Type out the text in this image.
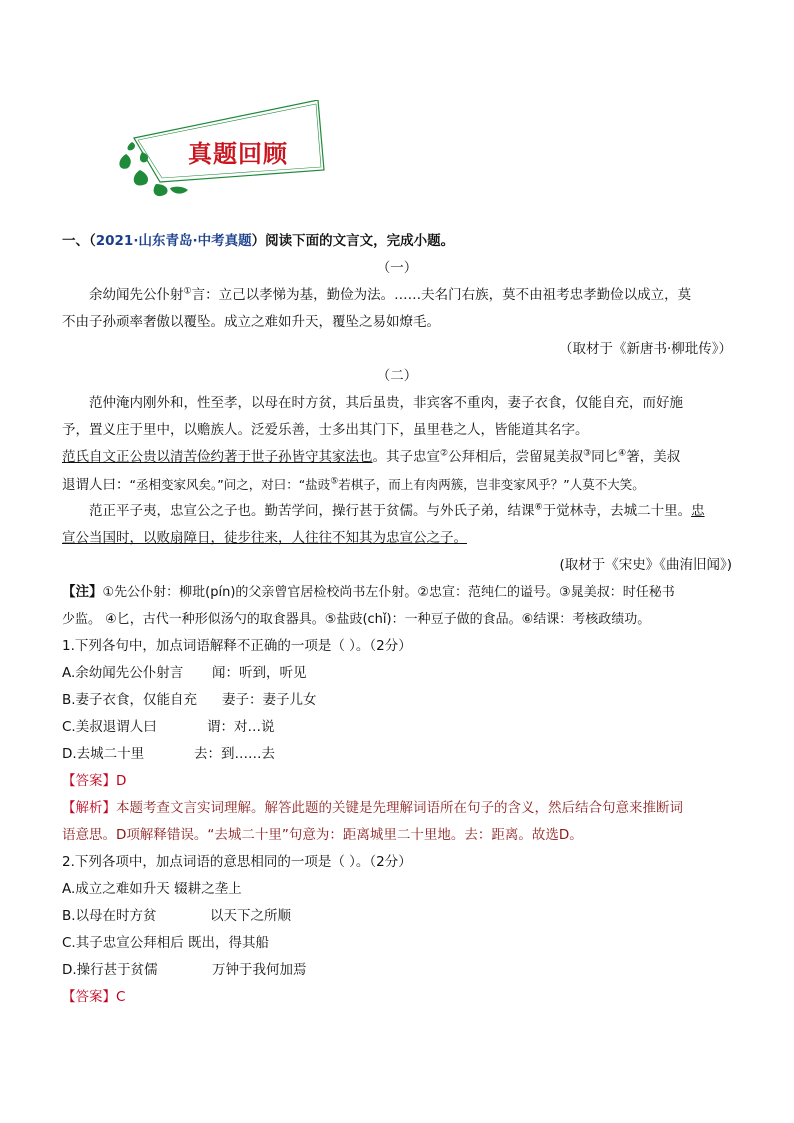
真题回顾
一、（2021·山东青岛·中考真题）阅读下面的文言文，完成小题。
（一）
余幼闻先公仆射①言：立己以孝悌为基，勤俭为法。……夫名门右族，莫不由祖考忠孝勤俭以成立，莫
不由子孙顽率奢傲以覆坠。成立之难如升天，覆坠之易如燎毛。
（取材于《新唐书·柳玭传》）
（二）
范仲淹内刚外和，性至孝，以母在时方贫，其后虽贵，非宾客不重肉，妻子衣食，仅能自充，而好施
予，置义庄于里中，以赡族人。泛爱乐善，士多出其门下，虽里巷之人，皆能道其名字。
范氏自文正公贵以清苦俭约著于世子孙皆守其家法也。其子忠宣②公拜相后，尝留晁美叔③同匕④箸，美叔
退谓人曰：“丞相变家风矣。”问之，对曰：“盐豉⑤若棋子，而上有肉两簇，岂非变家风乎？”人莫不大笑。
范正平子夷，忠宣公之子也。勤苦学问，操行甚于贫儒。与外氏子弟，结课⑥于觉林寺，去城二十里。忠
宣公当国时，以败扇障日，徒步往来，人往往不知其为忠宣公之子。
(取材于《宋史》《曲洧旧闻》)
【注】①先公仆射：柳玭(pín)的父亲曾官居检校尚书左仆射。②忠宣：范纯仁的谥号。③晁美叔：时任秘书
少监。 ④匕，古代一种形似汤勺的取食器具。⑤盐豉(chǐ)：一种豆子做的食品。⑥结课：考核政绩功。
1.下列各句中，加点词语解释不正确的一项是（ ）。（2分）
A.余幼闻先公仆射言 闻：听到，听见
B.妻子衣食，仅能自充 妻子：妻子儿女
C.美叔退谓人曰	谓：对…说
D.去城二十里	去：到……去
【答案】D
【解析】本题考查文言实词理解。解答此题的关键是先理解词语所在句子的含义，然后结合句意来推断词
语意思。D项解释错误。“去城二十里”句意为：距离城里二十里地。去：距离。故选D。
2.下列各项中，加点词语的意思相同的一项是（ ）。（2分）
A.成立之难如升天 辍耕之垄上
B.以母在时方贫	以天下之所顺
C.其子忠宣公拜相后 既出，得其船
D.操行甚于贫儒	万钟于我何加焉
【答案】C
